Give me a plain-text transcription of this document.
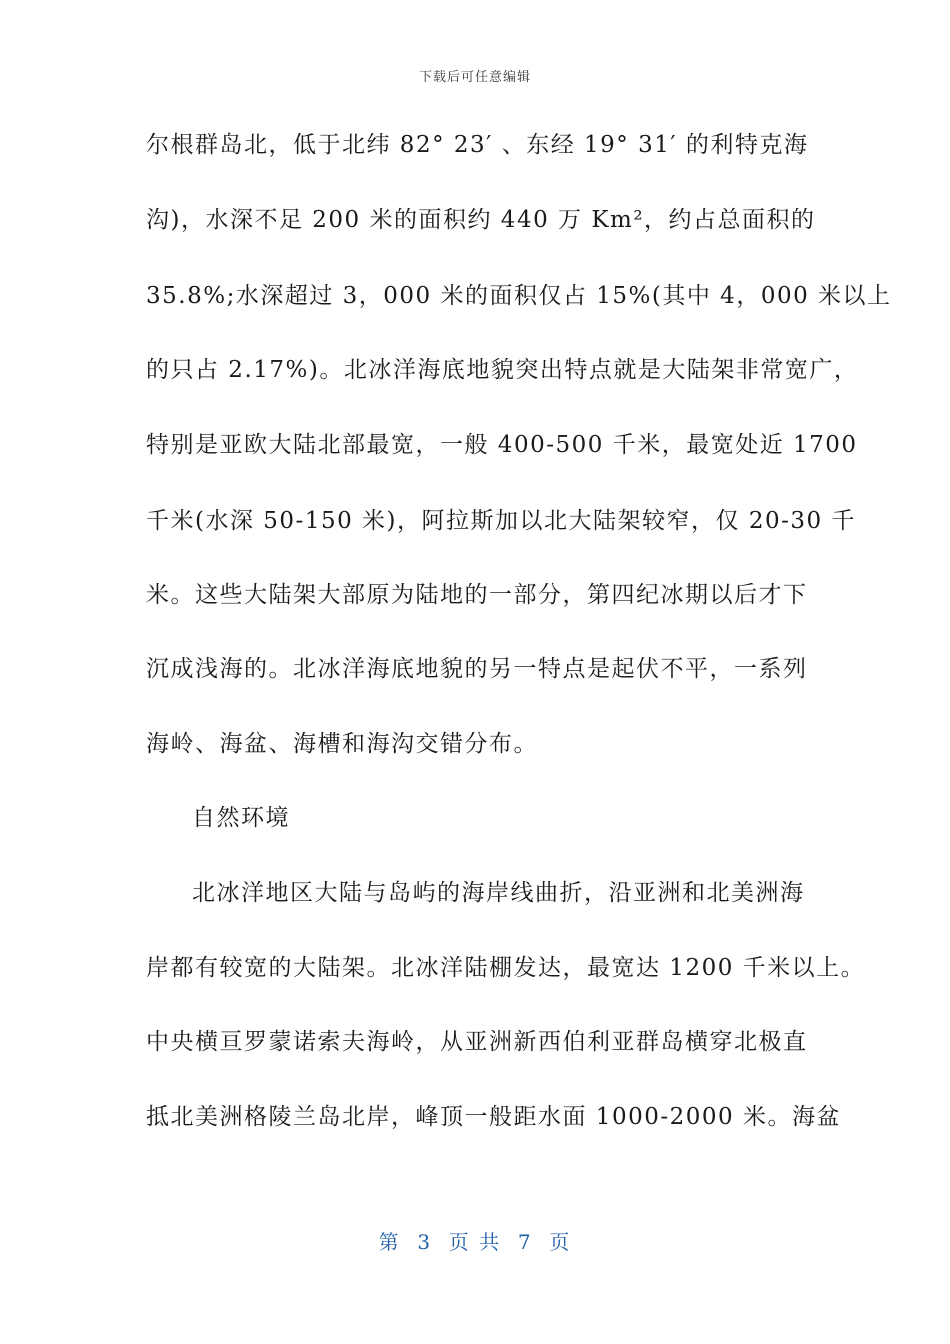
下载后可任意编辑
尔根群岛北，低于北纬 82° 23′ 、东经 19° 31′ 的利特克海
沟)，水深不足 200 米的面积约 440 万 Km²，约占总面积的
35.8%;水深超过 3，000 米的面积仅占 15%(其中 4，000 米以上
的只占 2.17%)。北冰洋海底地貌突出特点就是大陆架非常宽广，
特别是亚欧大陆北部最宽，一般 400-500 千米，最宽处近 1700
千米(水深 50-150 米)，阿拉斯加以北大陆架较窄，仅 20-30 千
米。这些大陆架大部原为陆地的一部分，第四纪冰期以后才下
沉成浅海的。北冰洋海底地貌的另一特点是起伏不平，一系列
海岭、海盆、海槽和海沟交错分布。
自然环境
北冰洋地区大陆与岛屿的海岸线曲折，沿亚洲和北美洲海
岸都有较宽的大陆架。北冰洋陆棚发达，最宽达 1200 千米以上。
中央横亘罗蒙诺索夫海岭，从亚洲新西伯利亚群岛横穿北极直
抵北美洲格陵兰岛北岸，峰顶一般距水面 1000-2000 米。海盆
第  3  页 共  7  页
